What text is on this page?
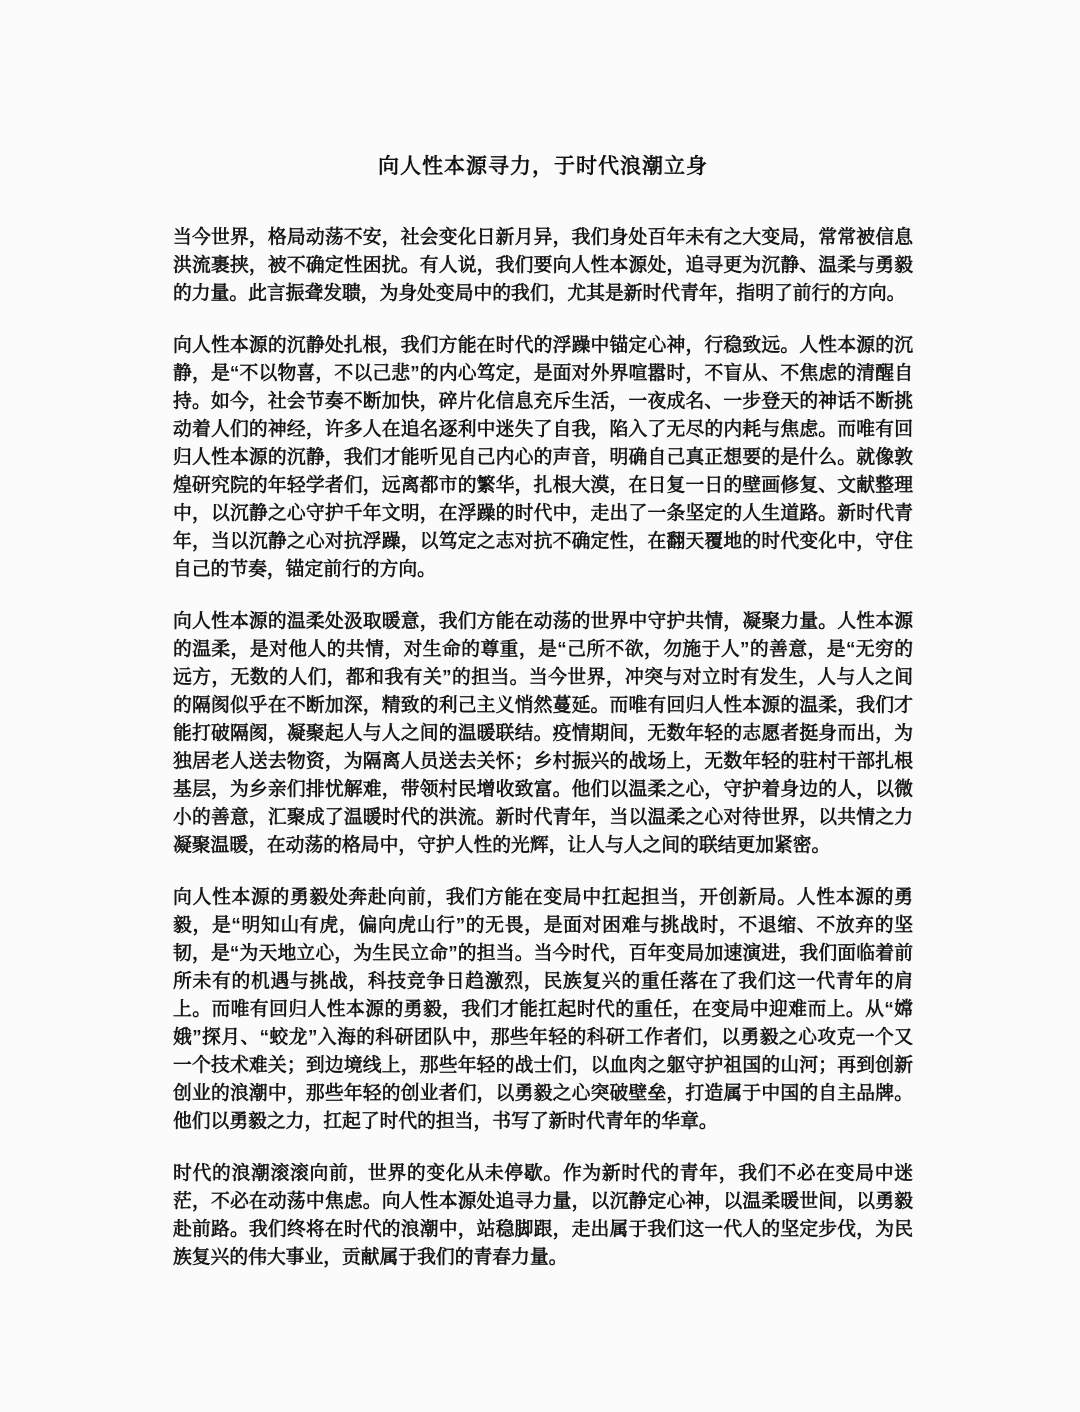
向人性本源寻力，于时代浪潮立身

当今世界，格局动荡不安，社会变化日新月异，我们身处百年未有之大变局，常常被信息洪流裹挟，被不确定性困扰。有人说，我们要向人性本源处，追寻更为沉静、温柔与勇毅的力量。此言振聋发聩，为身处变局中的我们，尤其是新时代青年，指明了前行的方向。

向人性本源的沉静处扎根，我们方能在时代的浮躁中锚定心神，行稳致远。人性本源的沉静，是“不以物喜，不以己悲”的内心笃定，是面对外界喧嚣时，不盲从、不焦虑的清醒自持。如今，社会节奏不断加快，碎片化信息充斥生活，一夜成名、一步登天的神话不断挑动着人们的神经，许多人在追名逐利中迷失了自我，陷入了无尽的内耗与焦虑。而唯有回归人性本源的沉静，我们才能听见自己内心的声音，明确自己真正想要的是什么。就像敦煌研究院的年轻学者们，远离都市的繁华，扎根大漠，在日复一日的壁画修复、文献整理中，以沉静之心守护千年文明，在浮躁的时代中，走出了一条坚定的人生道路。新时代青年，当以沉静之心对抗浮躁，以笃定之志对抗不确定性，在翻天覆地的时代变化中，守住自己的节奏，锚定前行的方向。

向人性本源的温柔处汲取暖意，我们方能在动荡的世界中守护共情，凝聚力量。人性本源的温柔，是对他人的共情，对生命的尊重，是“己所不欲，勿施于人”的善意，是“无穷的远方，无数的人们，都和我有关”的担当。当今世界，冲突与对立时有发生，人与人之间的隔阂似乎在不断加深，精致的利己主义悄然蔓延。而唯有回归人性本源的温柔，我们才能打破隔阂，凝聚起人与人之间的温暖联结。疫情期间，无数年轻的志愿者挺身而出，为独居老人送去物资，为隔离人员送去关怀；乡村振兴的战场上，无数年轻的驻村干部扎根基层，为乡亲们排忧解难，带领村民增收致富。他们以温柔之心，守护着身边的人，以微小的善意，汇聚成了温暖时代的洪流。新时代青年，当以温柔之心对待世界，以共情之力凝聚温暖，在动荡的格局中，守护人性的光辉，让人与人之间的联结更加紧密。

向人性本源的勇毅处奔赴向前，我们方能在变局中扛起担当，开创新局。人性本源的勇毅，是“明知山有虎，偏向虎山行”的无畏，是面对困难与挑战时，不退缩、不放弃的坚韧，是“为天地立心，为生民立命”的担当。当今时代，百年变局加速演进，我们面临着前所未有的机遇与挑战，科技竞争日趋激烈，民族复兴的重任落在了我们这一代青年的肩上。而唯有回归人性本源的勇毅，我们才能扛起时代的重任，在变局中迎难而上。从“嫦娥”探月、“蛟龙”入海的科研团队中，那些年轻的科研工作者们，以勇毅之心攻克一个又一个技术难关；到边境线上，那些年轻的战士们，以血肉之躯守护祖国的山河；再到创新创业的浪潮中，那些年轻的创业者们，以勇毅之心突破壁垒，打造属于中国的自主品牌。他们以勇毅之力，扛起了时代的担当，书写了新时代青年的华章。

时代的浪潮滚滚向前，世界的变化从未停歇。作为新时代的青年，我们不必在变局中迷茫，不必在动荡中焦虑。向人性本源处追寻力量，以沉静定心神，以温柔暖世间，以勇毅赴前路。我们终将在时代的浪潮中，站稳脚跟，走出属于我们这一代人的坚定步伐，为民族复兴的伟大事业，贡献属于我们的青春力量。
